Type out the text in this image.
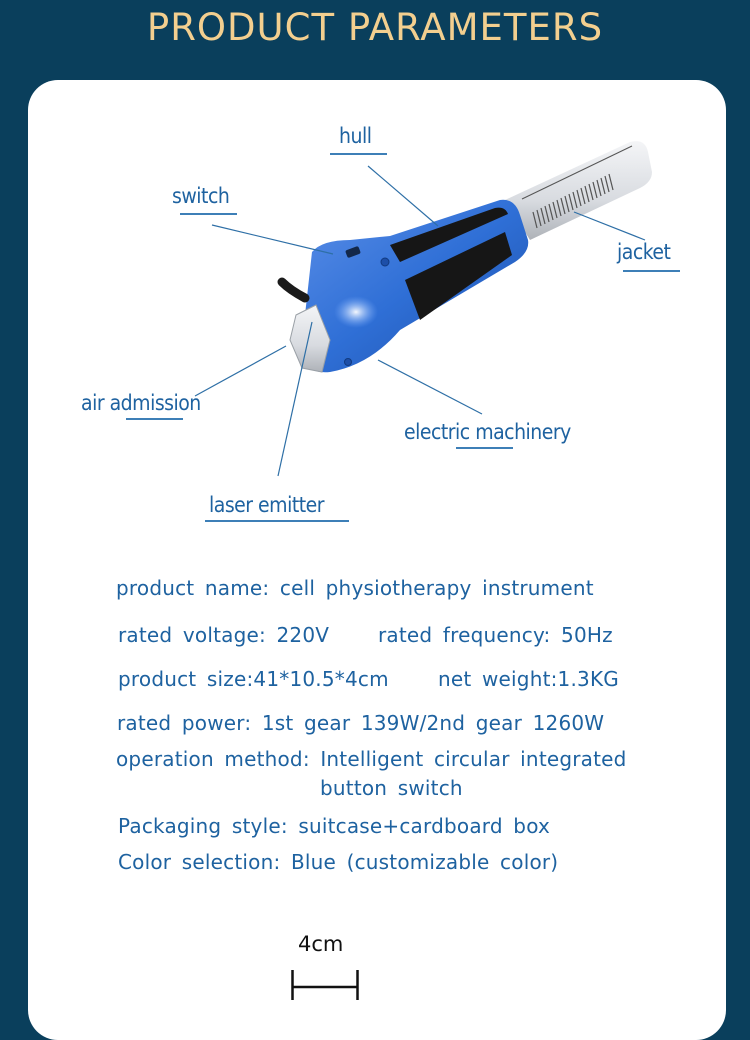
PRODUCT PARAMETERS
hull
switch
jacket
air admission
electric machinery
laser emitter
product name: cell physiotherapy instrument
rated voltage: 220V rated frequency: 50Hz
product size:41*10.5*4cm net weight:1.3KG
rated power: 1st gear 139W/2nd gear 1260W
operation method: Intelligent circular integrated
button switch
Packaging style: suitcase+cardboard box
Color selection: Blue (customizable color)
4cm
